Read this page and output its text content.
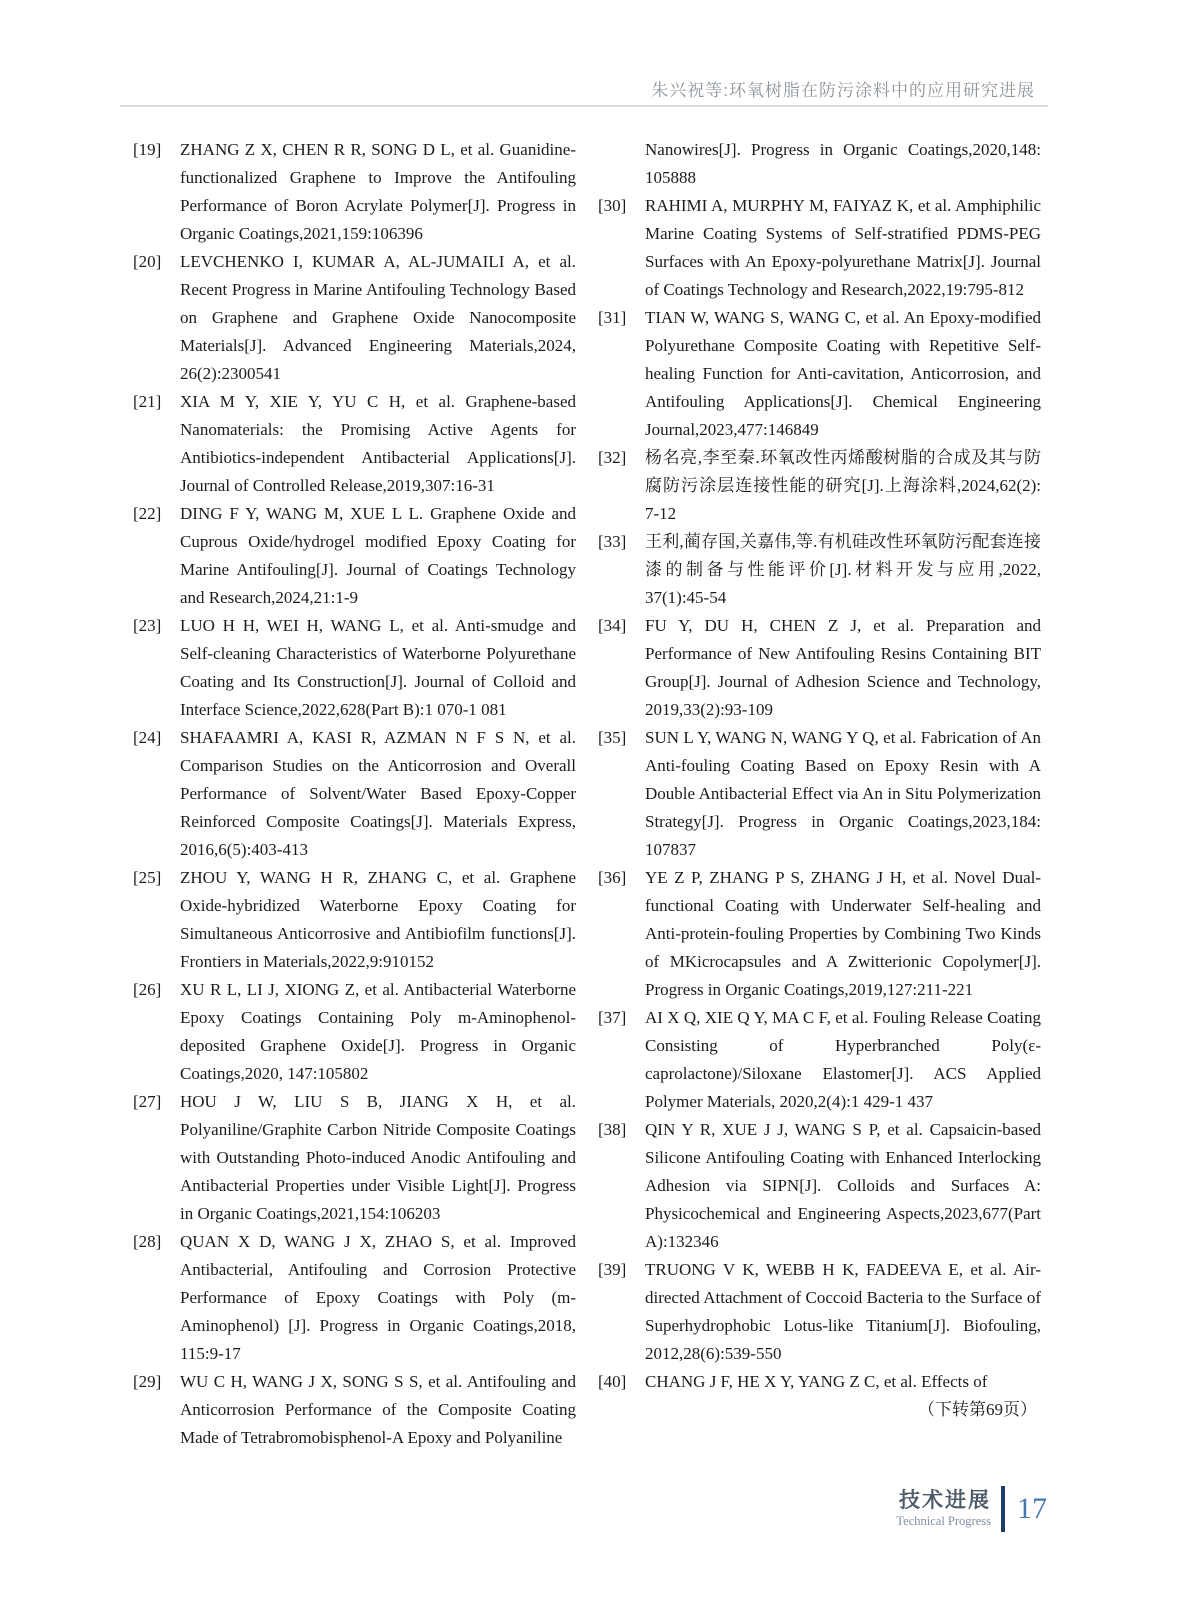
朱兴祝等:环氧树脂在防污涂料中的应用研究进展
[19] ZHANG Z X, CHEN R R, SONG D L, et al. Guanidine-functionalized Graphene to Improve the Antifouling Performance of Boron Acrylate Polymer[J]. Progress in Organic Coatings,2021,159:106396
[20] LEVCHENKO I, KUMAR A, AL-JUMAILI A, et al. Recent Progress in Marine Antifouling Technology Based on Graphene and Graphene Oxide Nanocomposite Materials[J]. Advanced Engineering Materials,2024, 26(2):2300541
[21] XIA M Y, XIE Y, YU C H, et al. Graphene-based Nanomaterials: the Promising Active Agents for Antibiotics-independent Antibacterial Applications[J]. Journal of Controlled Release,2019,307:16-31
[22] DING F Y, WANG M, XUE L L. Graphene Oxide and Cuprous Oxide/hydrogel modified Epoxy Coating for Marine Antifouling[J]. Journal of Coatings Technology and Research,2024,21:1-9
[23] LUO H H, WEI H, WANG L, et al. Anti-smudge and Self-cleaning Characteristics of Waterborne Polyurethane Coating and Its Construction[J]. Journal of Colloid and Interface Science,2022,628(Part B):1 070-1 081
[24] SHAFAAMRI A, KASI R, AZMAN N F S N, et al. Comparison Studies on the Anticorrosion and Overall Performance of Solvent/Water Based Epoxy-Copper Reinforced Composite Coatings[J]. Materials Express, 2016,6(5):403-413
[25] ZHOU Y, WANG H R, ZHANG C, et al. Graphene Oxide-hybridized Waterborne Epoxy Coating for Simultaneous Anticorrosive and Antibiofilm functions[J]. Frontiers in Materials,2022,9:910152
[26] XU R L, LI J, XIONG Z, et al. Antibacterial Waterborne Epoxy Coatings Containing Poly m-Aminophenol-deposited Graphene Oxide[J]. Progress in Organic Coatings,2020, 147:105802
[27] HOU J W, LIU S B, JIANG X H, et al. Polyaniline/Graphite Carbon Nitride Composite Coatings with Outstanding Photo-induced Anodic Antifouling and Antibacterial Properties under Visible Light[J]. Progress in Organic Coatings,2021,154:106203
[28] QUAN X D, WANG J X, ZHAO S, et al. Improved Antibacterial, Antifouling and Corrosion Protective Performance of Epoxy Coatings with Poly (m-Aminophenol) [J]. Progress in Organic Coatings,2018, 115:9-17
[29] WU C H, WANG J X, SONG S S, et al. Antifouling and Anticorrosion Performance of the Composite Coating Made of Tetrabromobisphenol-A Epoxy and Polyaniline
Nanowires[J]. Progress in Organic Coatings,2020,148: 105888
[30] RAHIMI A, MURPHY M, FAIYAZ K, et al. Amphiphilic Marine Coating Systems of Self-stratified PDMS-PEG Surfaces with An Epoxy-polyurethane Matrix[J]. Journal of Coatings Technology and Research,2022,19:795-812
[31] TIAN W, WANG S, WANG C, et al. An Epoxy-modified Polyurethane Composite Coating with Repetitive Self-healing Function for Anti-cavitation, Anticorrosion, and Antifouling Applications[J]. Chemical Engineering Journal,2023,477:146849
[32] 杨名亮,李至秦.环氧改性丙烯酸树脂的合成及其与防腐防污涂层连接性能的研究[J].上海涂料,2024,62(2): 7-12
[33] 王利,蔺存国,关嘉伟,等.有机硅改性环氧防污配套连接漆的制备与性能评价[J].材料开发与应用,2022, 37(1):45-54
[34] FU Y, DU H, CHEN Z J, et al. Preparation and Performance of New Antifouling Resins Containing BIT Group[J]. Journal of Adhesion Science and Technology, 2019,33(2):93-109
[35] SUN L Y, WANG N, WANG Y Q, et al. Fabrication of An Anti-fouling Coating Based on Epoxy Resin with A Double Antibacterial Effect via An in Situ Polymerization Strategy[J]. Progress in Organic Coatings,2023,184: 107837
[36] YE Z P, ZHANG P S, ZHANG J H, et al. Novel Dual-functional Coating with Underwater Self-healing and Anti-protein-fouling Properties by Combining Two Kinds of MKicrocapsules and A Zwitterionic Copolymer[J]. Progress in Organic Coatings,2019,127:211-221
[37] AI X Q, XIE Q Y, MA C F, et al. Fouling Release Coating Consisting of Hyperbranched Poly(ε-caprolactone)/Siloxane Elastomer[J]. ACS Applied Polymer Materials, 2020,2(4):1 429-1 437
[38] QIN Y R, XUE J J, WANG S P, et al. Capsaicin-based Silicone Antifouling Coating with Enhanced Interlocking Adhesion via SIPN[J]. Colloids and Surfaces A: Physicochemical and Engineering Aspects,2023,677(Part A):132346
[39] TRUONG V K, WEBB H K, FADEEVA E, et al. Air-directed Attachment of Coccoid Bacteria to the Surface of Superhydrophobic Lotus-like Titanium[J]. Biofouling, 2012,28(6):539-550
[40] CHANG J F, HE X Y, YANG Z C, et al. Effects of
（下转第69页）
技术进展
Technical Progress 17
